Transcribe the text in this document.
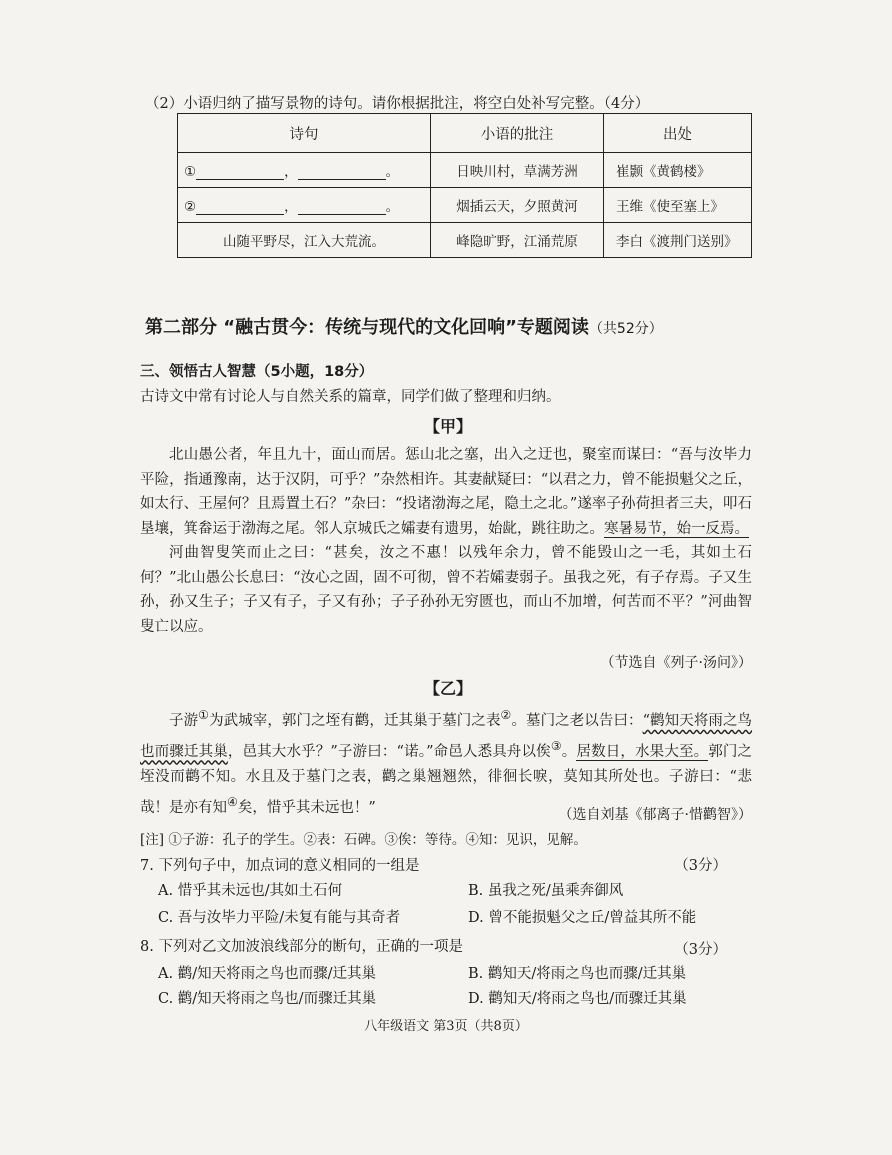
（2）小语归纳了描写景物的诗句。请你根据批注，将空白处补写完整。（4分）
诗句	小语的批注	出处
① ， 。	日映川村，草满芳洲	崔颢《黄鹤楼》
② ， 。	烟插云天，夕照黄河	王维《使至塞上》
山随平野尽，江入大荒流。	峰隐旷野，江涌荒原	李白《渡荆门送别》
第二部分 “融古贯今：传统与现代的文化回响”专题阅读（共52分）
三、领悟古人智慧（5小题，18分）
古诗文中常有讨论人与自然关系的篇章，同学们做了整理和归纳。
【甲】

北山愚公者，年且九十，面山而居。惩山北之塞，出入之迂也，聚室而谋曰：“吾与汝毕力平险，指通豫南，达于汉阴，可乎？”杂然相许。其妻献疑曰：“以君之力，曾不能损魁父之丘，如太行、王屋何？且焉置土石？”杂曰：“投诸渤海之尾，隐土之北。”遂率子孙荷担者三夫，叩石垦壤，箕畚运于渤海之尾。邻人京城氏之孀妻有遗男，始龀，跳往助之。寒暑易节，始一反焉。

河曲智叟笑而止之曰：“甚矣，汝之不惠！以残年余力，曾不能毁山之一毛，其如土石何？”北山愚公长息曰：“汝心之固，固不可彻，曾不若孀妻弱子。虽我之死，有子存焉。子又生孙，孙又生子；子又有子，子又有孙；子子孙孙无穷匮也，而山不加增，何苦而不平？”河曲智叟亡以应。

（节选自《列子·汤问》）
【乙】

子游①为武城宰，郭门之垤有鹳，迁其巢于墓门之表②。墓门之老以告曰：“鹳知天将雨之鸟也而骤迁其巢，邑其大水乎？”子游曰：“诺。”命邑人悉具舟以俟③。居数日，水果大至。郭门之垤没而鹳不知。水且及于墓门之表，鹳之巢翘翘然，徘徊长唳，莫知其所处也。子游曰：“悲哉！是亦有知④矣，惜乎其未远也！”	（选自刘基《郁离子·惜鹳智》）
[注] ①子游：孔子的学生。②表：石碑。③俟：等待。④知：见识，见解。
7. 下列句子中，加点词的意义相同的一组是	（3分）
A. 惜乎其未远也/其如土石何	B. 虽我之死/虽乘奔御风
C. 吾与汝毕力平险/未复有能与其奇者	D. 曾不能损魁父之丘/曾益其所不能
8. 下列对乙文加波浪线部分的断句，正确的一项是	（3分）
A. 鹳/知天将雨之鸟也而骤/迁其巢	B. 鹳知天/将雨之鸟也而骤/迁其巢
C. 鹳/知天将雨之鸟也/而骤迁其巢	D. 鹳知天/将雨之鸟也/而骤迁其巢
八年级语文 第3页（共8页）
